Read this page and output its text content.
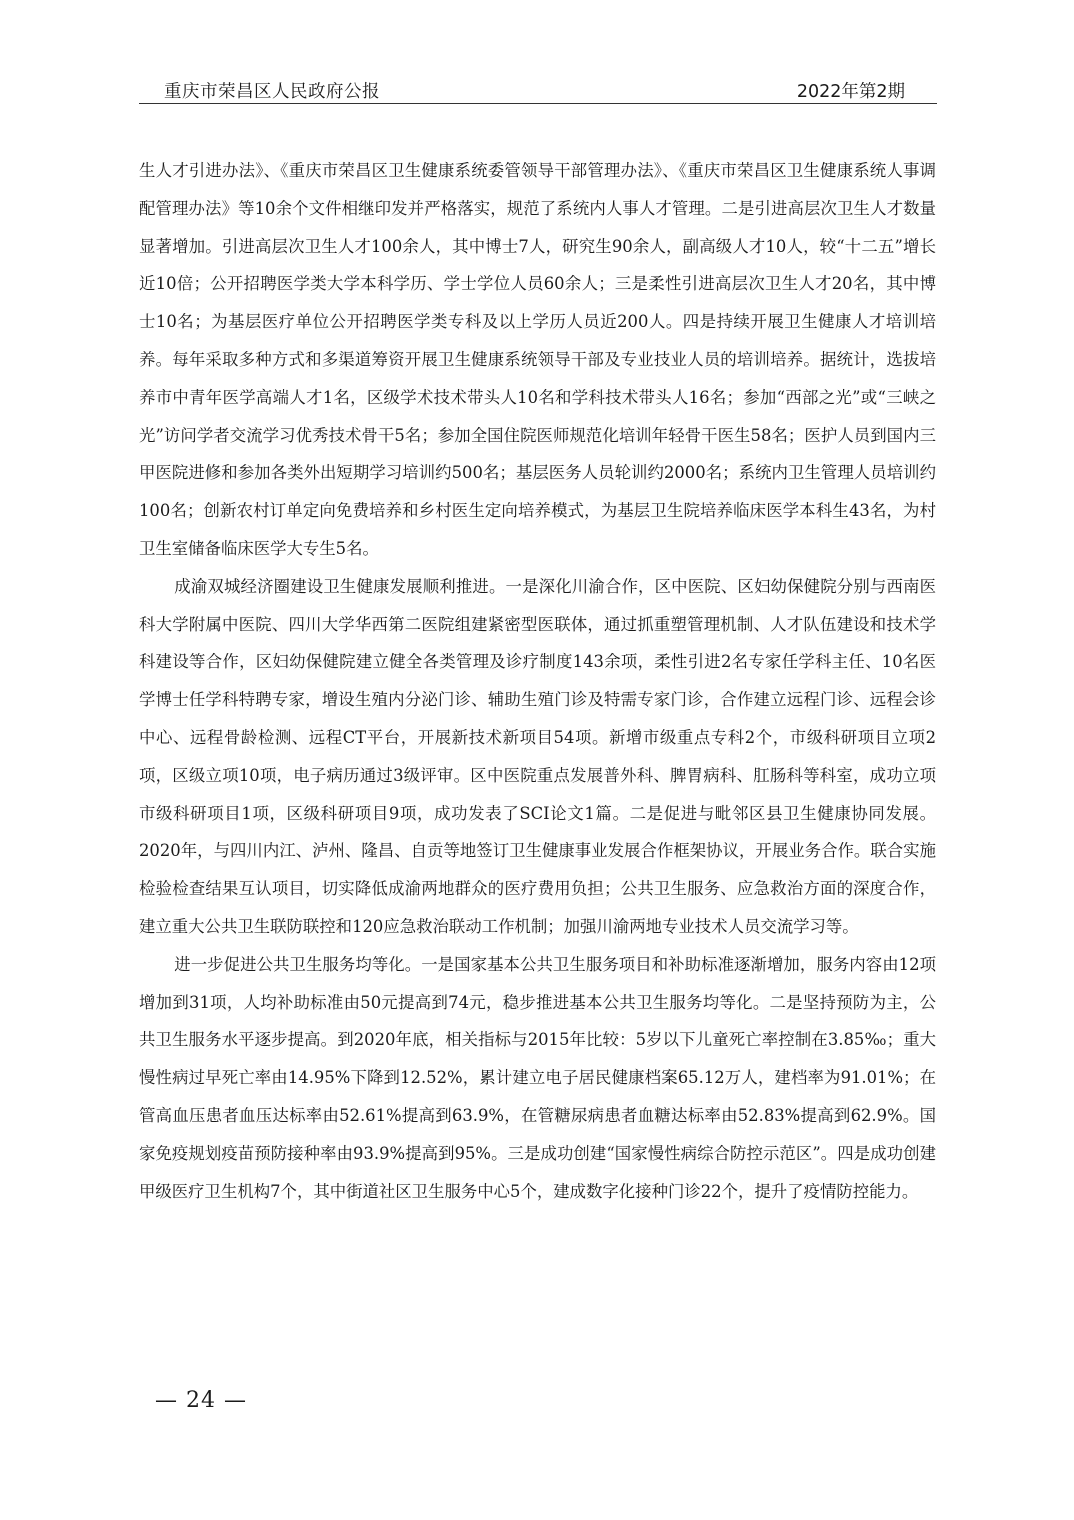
重庆市荣昌区人民政府公报	2022年第2期

生人才引进办法》、《重庆市荣昌区卫生健康系统委管领导干部管理办法》、《重庆市荣昌区卫生健康系统人事调配管理办法》等10余个文件相继印发并严格落实，规范了系统内人事人才管理。二是引进高层次卫生人才数量显著增加。引进高层次卫生人才100余人，其中博士7人，研究生90余人，副高级人才10人，较“十二五”增长近10倍；公开招聘医学类大学本科学历、学士学位人员60余人；三是柔性引进高层次卫生人才20名，其中博士10名；为基层医疗单位公开招聘医学类专科及以上学历人员近200人。四是持续开展卫生健康人才培训培养。每年采取多种方式和多渠道筹资开展卫生健康系统领导干部及专业技业人员的培训培养。据统计，选拔培养市中青年医学高端人才1名，区级学术技术带头人10名和学科技术带头人16名；参加“西部之光”或“三峡之光”访问学者交流学习优秀技术骨干5名；参加全国住院医师规范化培训年轻骨干医生58名；医护人员到国内三甲医院进修和参加各类外出短期学习培训约500名；基层医务人员轮训约2000名；系统内卫生管理人员培训约100名；创新农村订单定向免费培养和乡村医生定向培养模式，为基层卫生院培养临床医学本科生43名，为村卫生室储备临床医学大专生5名。

成渝双城经济圈建设卫生健康发展顺利推进。一是深化川渝合作，区中医院、区妇幼保健院分别与西南医科大学附属中医院、四川大学华西第二医院组建紧密型医联体，通过抓重塑管理机制、人才队伍建设和技术学科建设等合作，区妇幼保健院建立健全各类管理及诊疗制度143余项，柔性引进2名专家任学科主任、10名医学博士任学科特聘专家，增设生殖内分泌门诊、辅助生殖门诊及特需专家门诊，合作建立远程门诊、远程会诊中心、远程骨龄检测、远程CT平台，开展新技术新项目54项。新增市级重点专科2个，市级科研项目立项2项，区级立项10项，电子病历通过3级评审。区中医院重点发展普外科、脾胃病科、肛肠科等科室，成功立项市级科研项目1项，区级科研项目9项，成功发表了SCI论文1篇。二是促进与毗邻区县卫生健康协同发展。2020年，与四川内江、泸州、隆昌、自贡等地签订卫生健康事业发展合作框架协议，开展业务合作。联合实施检验检查结果互认项目，切实降低成渝两地群众的医疗费用负担；公共卫生服务、应急救治方面的深度合作，建立重大公共卫生联防联控和120应急救治联动工作机制；加强川渝两地专业技术人员交流学习等。

进一步促进公共卫生服务均等化。一是国家基本公共卫生服务项目和补助标准逐渐增加，服务内容由12项增加到31项，人均补助标准由50元提高到74元，稳步推进基本公共卫生服务均等化。二是坚持预防为主，公共卫生服务水平逐步提高。到2020年底，相关指标与2015年比较：5岁以下儿童死亡率控制在3.85‰；重大慢性病过早死亡率由14.95%下降到12.52%，累计建立电子居民健康档案65.12万人，建档率为91.01%；在管高血压患者血压达标率由52.61%提高到63.9%，在管糖尿病患者血糖达标率由52.83%提高到62.9%。国家免疫规划疫苗预防接种率由93.9%提高到95%。三是成功创建“国家慢性病综合防控示范区”。四是成功创建甲级医疗卫生机构7个，其中街道社区卫生服务中心5个，建成数字化接种门诊22个，提升了疫情防控能力。

— 24 —
